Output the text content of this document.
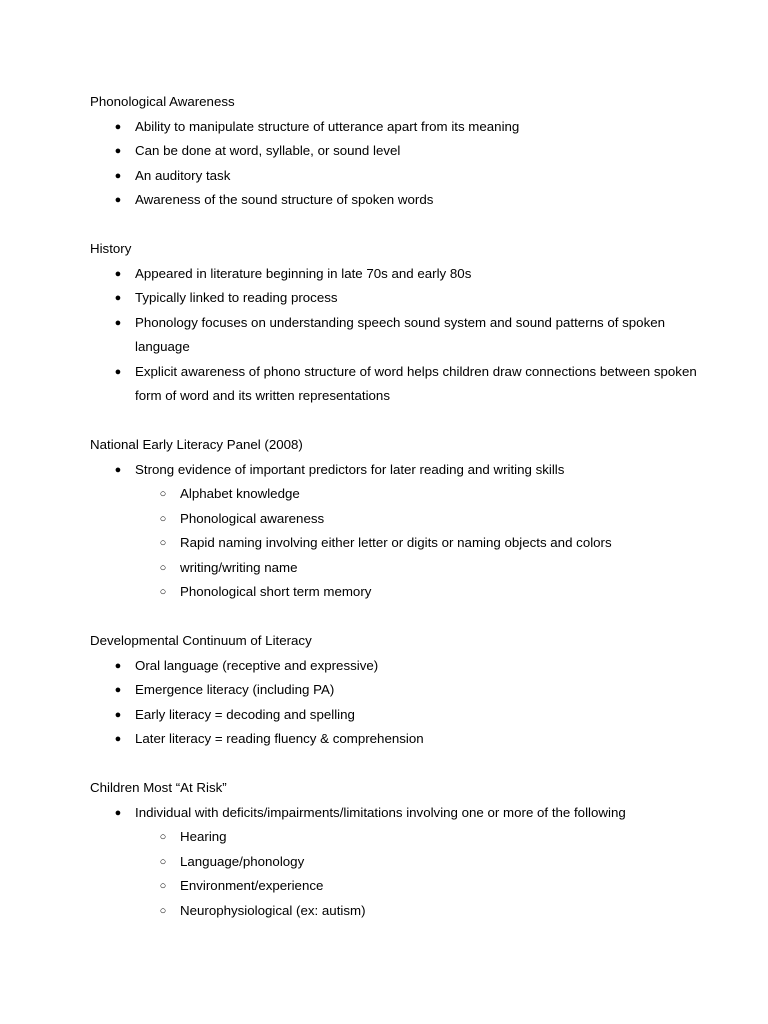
Phonological Awareness
● Ability to manipulate structure of utterance apart from its meaning
● Can be done at word, syllable, or sound level
● An auditory task
● Awareness of the sound structure of spoken words
History
● Appeared in literature beginning in late 70s and early 80s
● Typically linked to reading process
● Phonology focuses on understanding speech sound system and sound patterns of spoken language
● Explicit awareness of phono structure of word helps children draw connections between spoken form of word and its written representations
National Early Literacy Panel (2008)
● Strong evidence of important predictors for later reading and writing skills
○ Alphabet knowledge
○ Phonological awareness
○ Rapid naming involving either letter or digits or naming objects and colors
○ writing/writing name
○ Phonological short term memory
Developmental Continuum of Literacy
● Oral language (receptive and expressive)
● Emergence literacy (including PA)
● Early literacy = decoding and spelling
● Later literacy = reading fluency & comprehension
Children Most “At Risk”
● Individual with deficits/impairments/limitations involving one or more of the following
○ Hearing
○ Language/phonology
○ Environment/experience
○ Neurophysiological (ex: autism)
